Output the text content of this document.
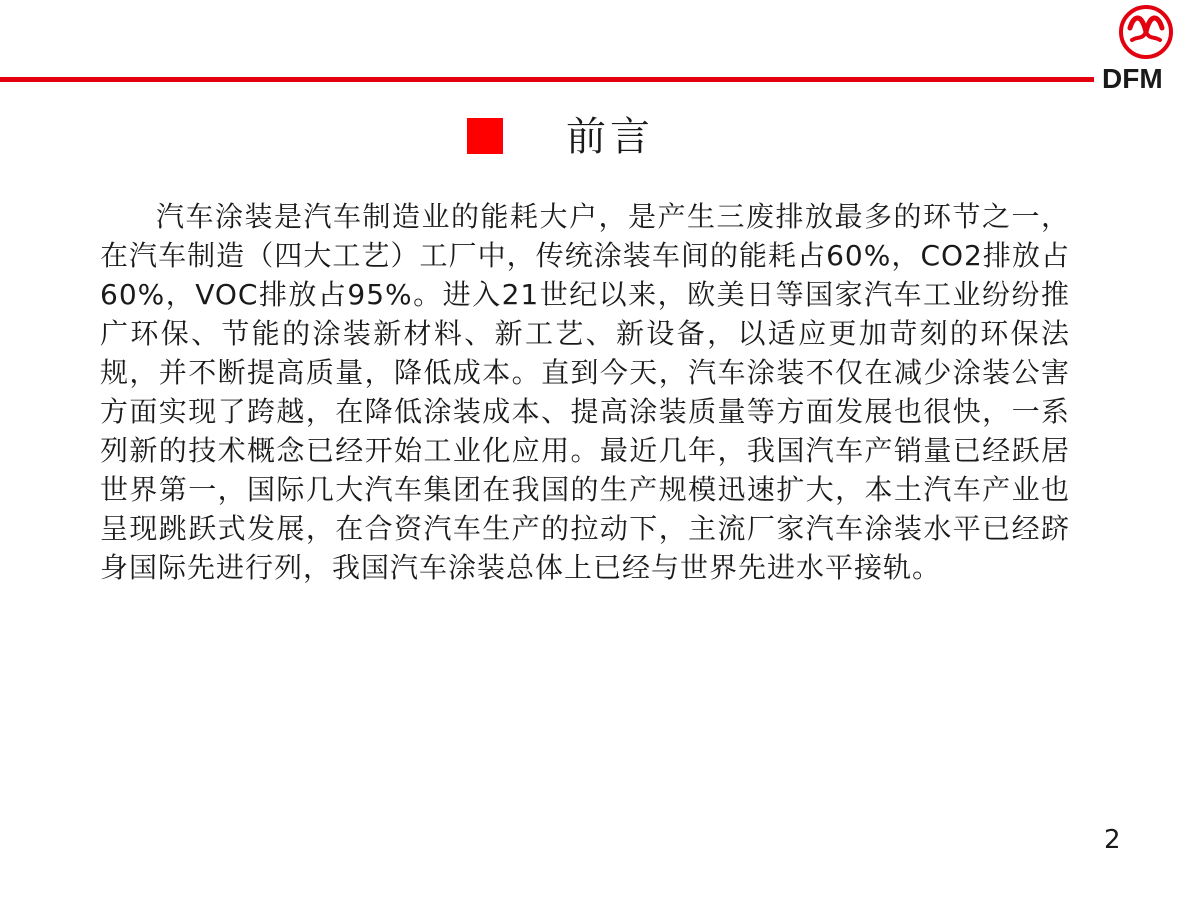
DFM
前言
汽车涂装是汽车制造业的能耗大户，是产生三废排放最多的环节之一，在汽车制造（四大工艺）工厂中，传统涂装车间的能耗占60%，CO2排放占60%，VOC排放占95%。进入21世纪以来，欧美日等国家汽车工业纷纷推广环保、节能的涂装新材料、新工艺、新设备，以适应更加苛刻的环保法规，并不断提高质量，降低成本。直到今天，汽车涂装不仅在减少涂装公害方面实现了跨越，在降低涂装成本、提高涂装质量等方面发展也很快，一系列新的技术概念已经开始工业化应用。最近几年，我国汽车产销量已经跃居世界第一，国际几大汽车集团在我国的生产规模迅速扩大，本土汽车产业也呈现跳跃式发展，在合资汽车生产的拉动下，主流厂家汽车涂装水平已经跻身国际先进行列，我国汽车涂装总体上已经与世界先进水平接轨。
2
